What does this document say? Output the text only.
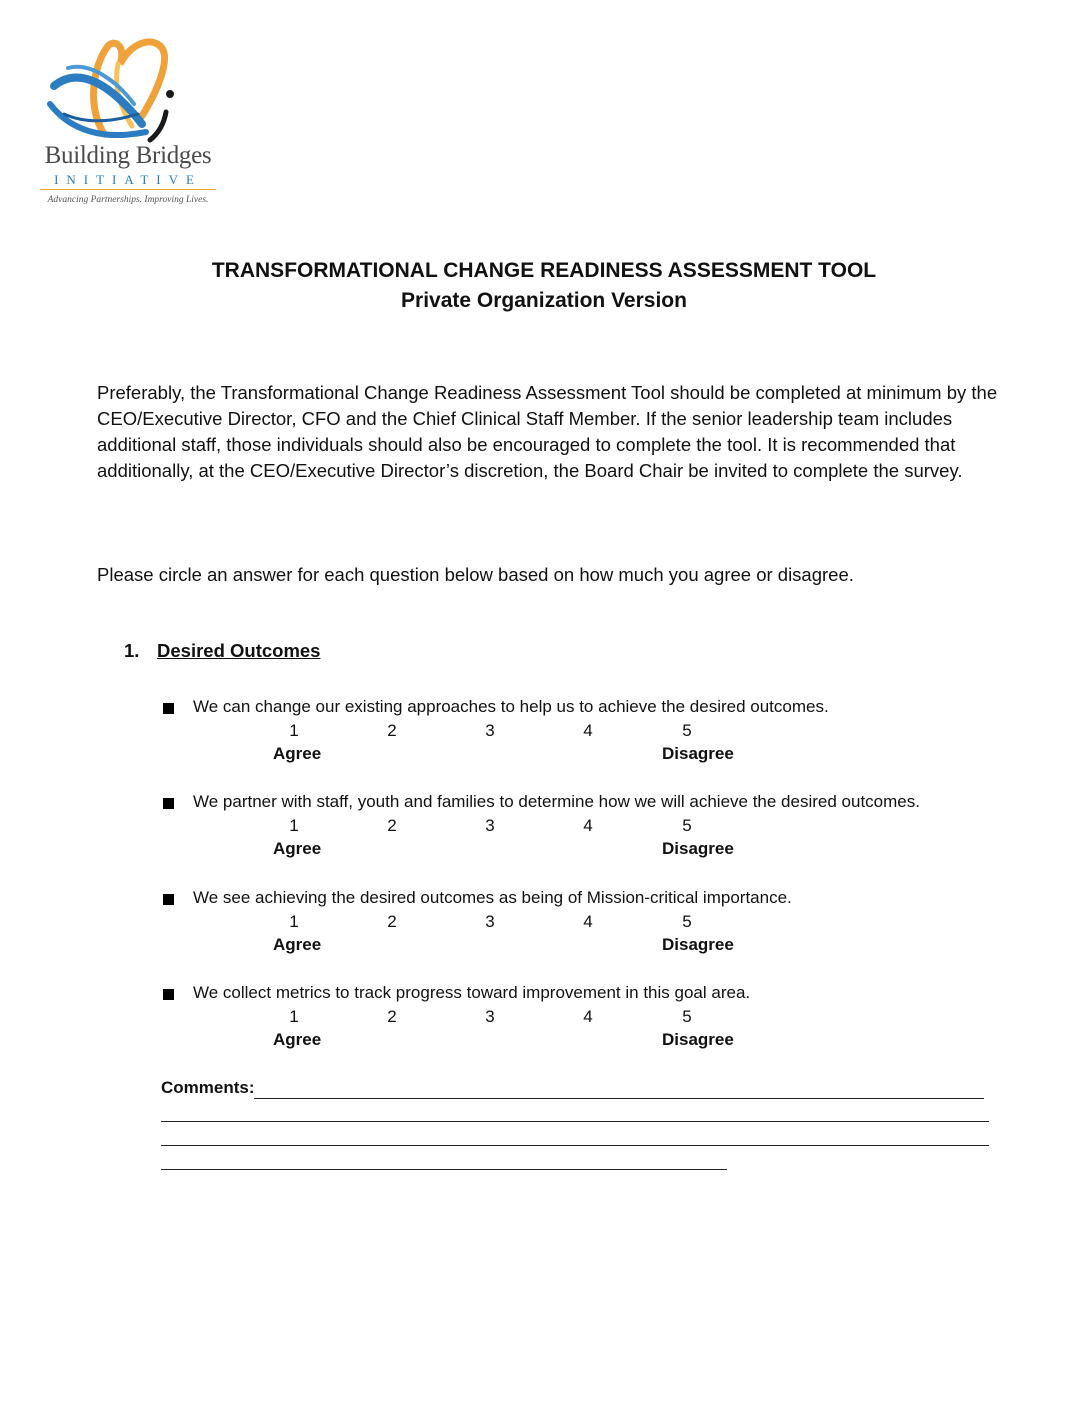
Building Bridges
INITIATIVE
Advancing Partnerships. Improving Lives.
TRANSFORMATIONAL CHANGE READINESS ASSESSMENT TOOL
Private Organization Version
Preferably, the Transformational Change Readiness Assessment Tool should be completed at minimum by the CEO/Executive Director, CFO and the Chief Clinical Staff Member. If the senior leadership team includes additional staff, those individuals should also be encouraged to complete the tool. It is recommended that additionally, at the CEO/Executive Director’s discretion, the Board Chair be invited to complete the survey.
Please circle an answer for each question below based on how much you agree or disagree.
1. Desired Outcomes
We can change our existing approaches to help us to achieve the desired outcomes.
1	2	3	4	5
Agree	Disagree
We partner with staff, youth and families to determine how we will achieve the desired outcomes.
1	2	3	4	5
Agree	Disagree
We see achieving the desired outcomes as being of Mission-critical importance.
1	2	3	4	5
Agree	Disagree
We collect metrics to track progress toward improvement in this goal area.
1	2	3	4	5
Agree	Disagree
Comments:
